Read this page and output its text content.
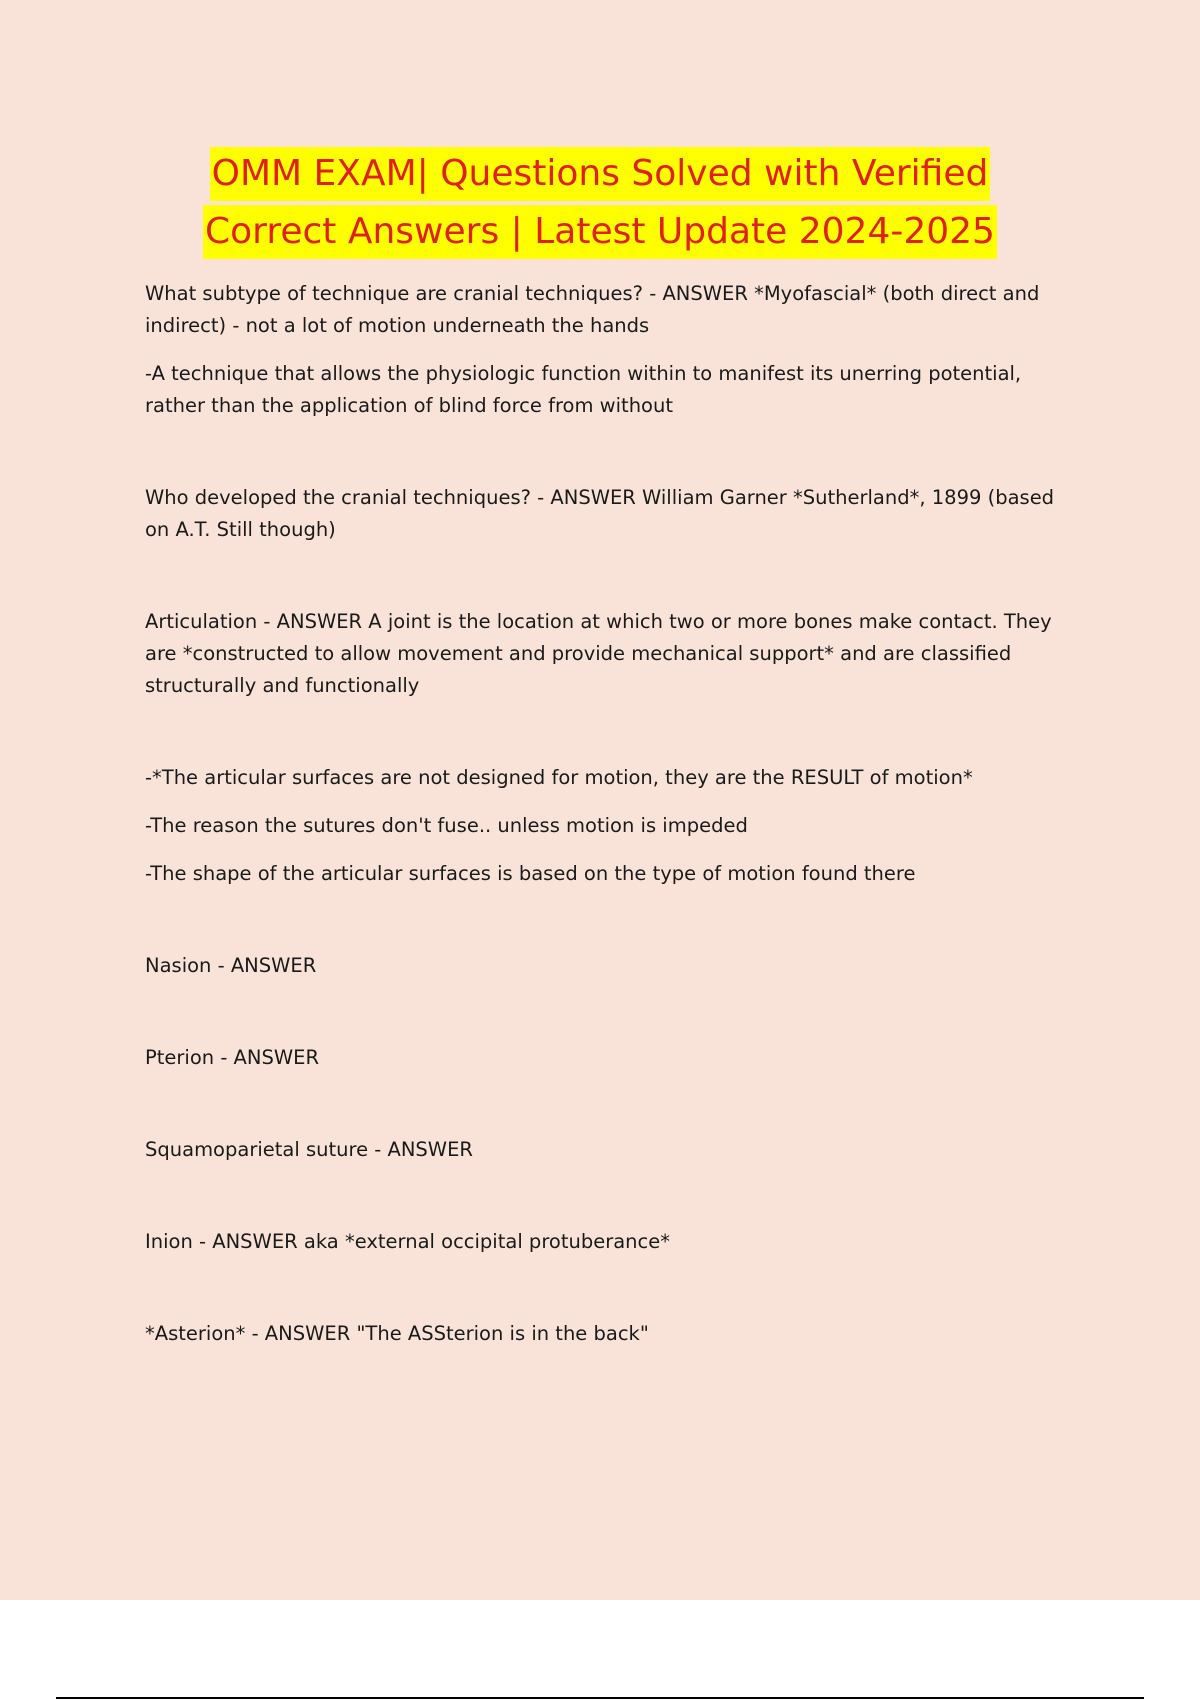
OMM EXAM| Questions Solved with Verified
Correct Answers | Latest Update 2024-2025

What subtype of technique are cranial techniques? - ANSWER *Myofascial* (both direct and indirect) - not a lot of motion underneath the hands

-A technique that allows the physiologic function within to manifest its unerring potential, rather than the application of blind force from without

Who developed the cranial techniques? - ANSWER William Garner *Sutherland*, 1899 (based on A.T. Still though)

Articulation - ANSWER A joint is the location at which two or more bones make contact. They are *constructed to allow movement and provide mechanical support* and are classified structurally and functionally

-*The articular surfaces are not designed for motion, they are the RESULT of motion*

-The reason the sutures don't fuse.. unless motion is impeded

-The shape of the articular surfaces is based on the type of motion found there

Nasion - ANSWER

Pterion - ANSWER

Squamoparietal suture - ANSWER

Inion - ANSWER aka *external occipital protuberance*

*Asterion* - ANSWER "The ASSterion is in the back"
